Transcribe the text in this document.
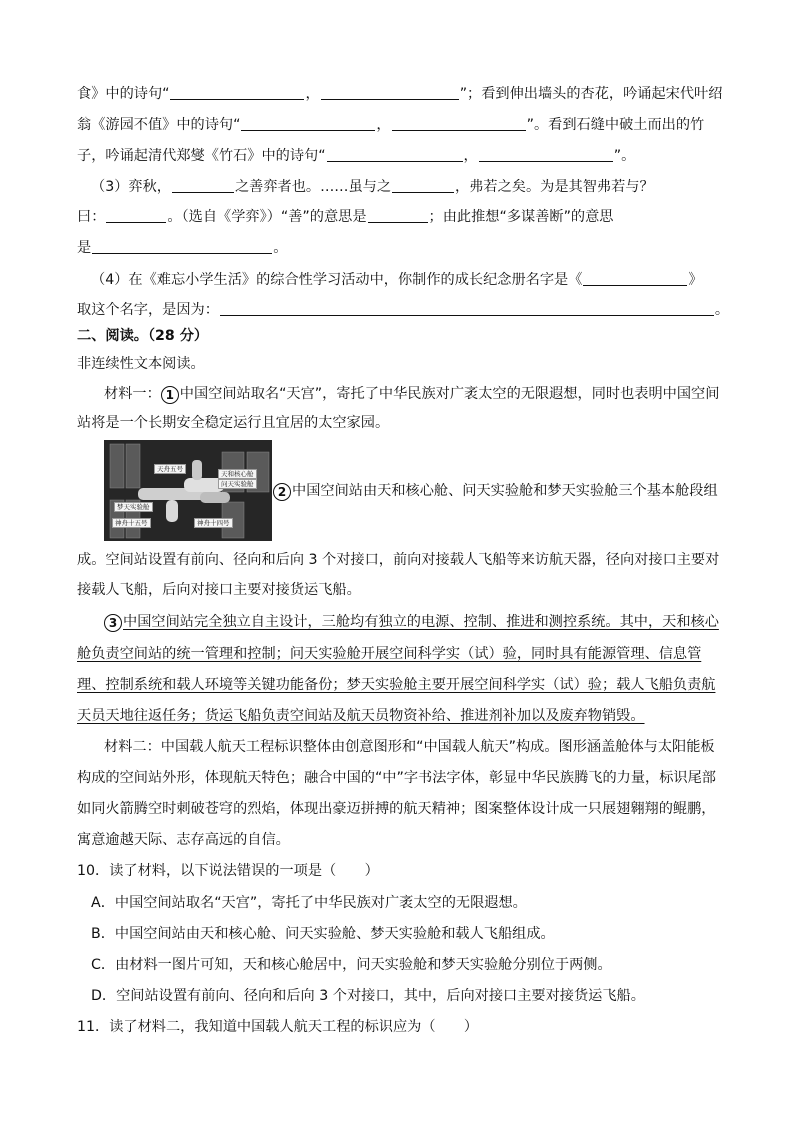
食》中的诗句“	，	”；看到伸出墙头的杏花，吟诵起宋代叶绍
翁《游园不值》中的诗句“	，	”。看到石缝中破土而出的竹
子，吟诵起清代郑燮《竹石》中的诗句“	，	”。
（3）弈秋，	之善弈者也。……虽与之	，弗若之矣。为是其智弗若与？
曰：	。（选自《学弈》）“善”的意思是	；由此推想“多谋善断”的意思
是	。
（4）在《难忘小学生活》的综合性学习活动中，你制作的成长纪念册名字是《	》
取这个名字，是因为：	。
二、阅读。（28 分）
非连续性文本阅读。
材料一： 1 中国空间站取名“天宫”，寄托了中华民族对广袤太空的无限遐想，同时也表明中国空间
站将是一个长期安全稳定运行且宜居的太空家园。
天舟五号
天和核心舱
问天实验舱
梦天实验舱
神舟十五号	神舟十四号
2 中国空间站由天和核心舱、问天实验舱和梦天实验舱三个基本舱段组
成。空间站设置有前向、径向和后向 3 个对接口，前向对接载人飞船等来访航天器，径向对接口主要对
接载人飞船，后向对接口主要对接货运飞船。
3 中国空间站完全独立自主设计，三舱均有独立的电源、控制、推进和测控系统。其中，天和核心
舱负责空间站的统一管理和控制；问天实验舱开展空间科学实（试）验，同时具有能源管理、信息管
理、控制系统和载人环境等关键功能备份；梦天实验舱主要开展空间科学实（试）验；载人飞船负责航
天员天地往返任务；货运飞船负责空间站及航天员物资补给、推进剂补加以及废弃物销毁。
材料二：中国载人航天工程标识整体由创意图形和“中国载人航天”构成。图形涵盖舱体与太阳能板
构成的空间站外形，体现航天特色；融合中国的“中”字书法字体，彰显中华民族腾飞的力量，标识尾部
如同火箭腾空时刺破苍穹的烈焰，体现出豪迈拼搏的航天精神；图案整体设计成一只展翅翱翔的鲲鹏，
寓意逾越天际、志存高远的自信。
10．读了材料，以下说法错误的一项是（　　）
A．中国空间站取名“天宫”，寄托了中华民族对广袤太空的无限遐想。
B．中国空间站由天和核心舱、问天实验舱、梦天实验舱和载人飞船组成。
C．由材料一图片可知，天和核心舱居中，问天实验舱和梦天实验舱分别位于两侧。
D．空间站设置有前向、径向和后向 3 个对接口，其中，后向对接口主要对接货运飞船。
11．读了材料二，我知道中国载人航天工程的标识应为（　　）
